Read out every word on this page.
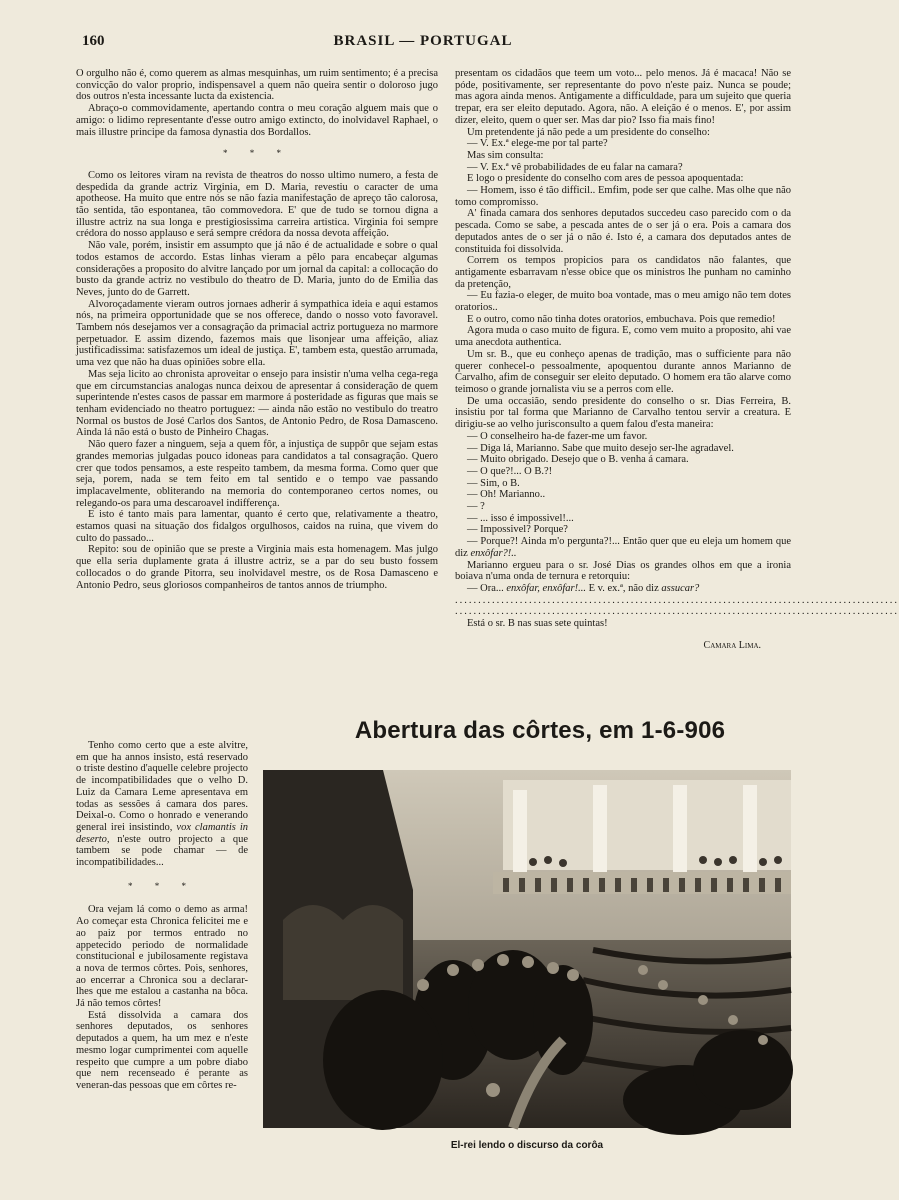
160	BRASIL — PORTUGAL

O orgulho não é, como querem as almas mesquinhas, um ruim sentimento; é a precisa convicção do valor proprio, indispensavel a quem não queira sentir o doloroso jugo dos outros n'esta incessante lucta da existencia.

Abraço-o commovidamente, apertando contra o meu coração alguem mais que o amigo: o lidimo representante d'esse outro amigo extincto, do inolvidavel Raphael, o mais illustre principe da famosa dynastia dos Bordallos.

* * *

Como os leitores viram na revista de theatros do nosso ultimo numero, a festa de despedida da grande actriz Virginia, em D. Maria, revestiu o caracter de uma apotheose. Ha muito que entre nós se não fazia manifestação de apreço tão calorosa, tão sentida, tão espontanea, tão commovedora. E' que de tudo se tornou digna a illustre actriz na sua longa e prestigiosissima carreira artistica. Virginia foi sempre crédora do nosso applauso e será sempre crédora da nossa devota affeição.

Não vale, porém, insistir em assumpto que já não é de actualidade e sobre o qual todos estamos de accordo. Estas linhas vieram a pêlo para encabeçar algumas considerações a proposito do alvitre lançado por um jornal da capital: a collocação do busto da grande actriz no vestibulo do theatro de D. Maria, junto do de Emilia das Neves, junto do de Garrett.

Alvoroçadamente vieram outros jornaes adherir á sympathica ideia e aqui estamos nós, na primeira opportunidade que se nos offerece, dando o nosso voto favoravel. Tambem nós desejamos ver a consagração da primacial actriz portugueza no marmore perpetuador. E assim dizendo, fazemos mais que lisonjear uma affeição, aliaz justificadissima: satisfazemos um ideal de justiça. E', tambem esta, questão arrumada, uma vez que não ha duas opiniões sobre ella.

Mas seja licito ao chronista aproveitar o ensejo para insistir n'uma velha cega-rega que em circumstancias analogas nunca deixou de apresentar á consideração de quem superintende n'estes casos de passar em marmore á posteridade as figuras que mais se tenham evidenciado no theatro portuguez: — ainda não estão no vestibulo do treatro Normal os bustos de José Carlos dos Santos, de Antonio Pedro, de Rosa Damasceno. Ainda lá não está o busto de Pinheiro Chagas.

Não quero fazer a ninguem, seja a quem fôr, a injustiça de suppôr que sejam estas grandes memorias julgadas pouco idoneas para candidatos a tal consagração. Quero crer que todos pensamos, a este respeito tambem, da mesma forma. Como quer que seja, porem, nada se tem feito em tal sentido e o tempo vae passando implacavelmente, obliterando na memoria do contemporaneo certos nomes, ou relegando-os para uma descaroavel indifferença.

E isto é tanto mais para lamentar, quanto é certo que, relativamente a theatro, estamos quasi na situação dos fidalgos orgulhosos, caidos na ruina, que vivem do culto do passado...

Repito: sou de opinião que se preste a Virginia mais esta homenagem. Mas julgo que ella seria duplamente grata á illustre actriz, se a par do seu busto fossem collocados o do grande Pitorra, seu inolvidavel mestre, os de Rosa Damasceno e Antonio Pedro, seus gloriosos companheiros de tantos annos de triumpho.

Tenho como certo que a este alvitre, em que ha annos insisto, está reservado o triste destino d'aquelle celebre projecto de incompatibilidades que o velho D. Luiz da Camara Leme apresentava em todas as sessões á camara dos pares. Deixal-o. Como o honrado e venerando general irei insistindo, vox clamantis in deserto, n'este outro projecto a que tambem se pode chamar — de incompatibilidades...

* * *

Ora vejam lá como o demo as arma! Ao começar esta Chronica felicitei me e ao paiz por termos entrado no appetecido periodo de normalidade constitucional e jubilosamente registava a nova de termos côrtes. Pois, senhores, ao encerrar a Chronica sou a declarar-lhes que me estalou a castanha na bôca. Já não temos côrtes!

Está dissolvida a camara dos senhores deputados, os senhores deputados a quem, ha um mez e n'este mesmo logar cumprimentei com aquelle respeito que cumpre a um pobre diabo que nem recenseado é perante as veneran-das pessoas que em côrtes re-

presentam os cidadãos que teem um voto... pelo menos. Já é macaca! Não se póde, positivamente, ser representante do povo n'este paiz. Nunca se poude; mas agora ainda menos. Antigamente a difficuldade, para um sujeito que queria trepar, era ser eleito deputado. Agora, não. A eleição é o menos. E', por assim dizer, eleito, quem o quer ser. Mas dar pio? Isso fia mais fino!

Um pretendente já não pede a um presidente do conselho:

— V. Ex.ª elege-me por tal parte?

Mas sim consulta:

— V. Ex.ª vê probabilidades de eu falar na camara?

E logo o presidente do conselho com ares de pessoa apoquentada:

— Homem, isso é tão difficil.. Emfim, pode ser que calhe. Mas olhe que não tomo compromisso.

A' finada camara dos senhores deputados succedeu caso parecido com o da pescada. Como se sabe, a pescada antes de o ser já o era. Pois a camara dos deputados antes de o ser já o não é. Isto é, a camara dos deputados antes de constituida foi dissolvida.

Correm os tempos propicios para os candidatos não falantes, que antigamente esbarravam n'esse obice que os ministros lhe punham no caminho da pretenção,

— Eu fazia-o eleger, de muito boa vontade, mas o meu amigo não tem dotes oratorios..

E o outro, como não tinha dotes oratorios, embuchava. Pois que remedio!

Agora muda o caso muito de figura. E, como vem muito a proposito, ahi vae uma anecdota authentica.

Um sr. B., que eu conheço apenas de tradição, mas o sufficiente para não querer conhecel-o pessoalmente, apoquentou durante annos Marianno de Carvalho, afim de conseguir ser eleito deputado. O homem era tão alarve como teimoso o grande jornalista viu se a perros com elle.

De uma occasião, sendo presidente do conselho o sr. Dias Ferreira, B. insistiu por tal forma que Marianno de Carvalho tentou servir a creatura. E dirigiu-se ao velho jurisconsulto a quem falou d'esta maneira:

— O conselheiro ha-de fazer-me um favor.

— Diga lá, Marianno. Sabe que muito desejo ser-lhe agradavel.

— Muito obrigado. Desejo que o B. venha á camara.

— O que?!... O B.?!

— Sim, o B.

— Oh! Marianno..

— ?

— ... isso é impossivel!...

— Impossivel? Porque?

— Porque?! Ainda m'o pergunta?!... Então quer que eu eleja um homem que diz enxôfar?!..

Marianno ergueu para o sr. José Dias os grandes olhos em que a ironia boiava n'uma onda de ternura e retorquiu:

— Ora... enxôfar, enxôfar!... E v. ex.ª, não diz assucar?

................................................................................................
................................................................................................

Está o sr. B nas suas sete quintas!

Camara Lima.
Abertura das côrtes, em 1-6-906
El-rei lendo o discurso da corôa
